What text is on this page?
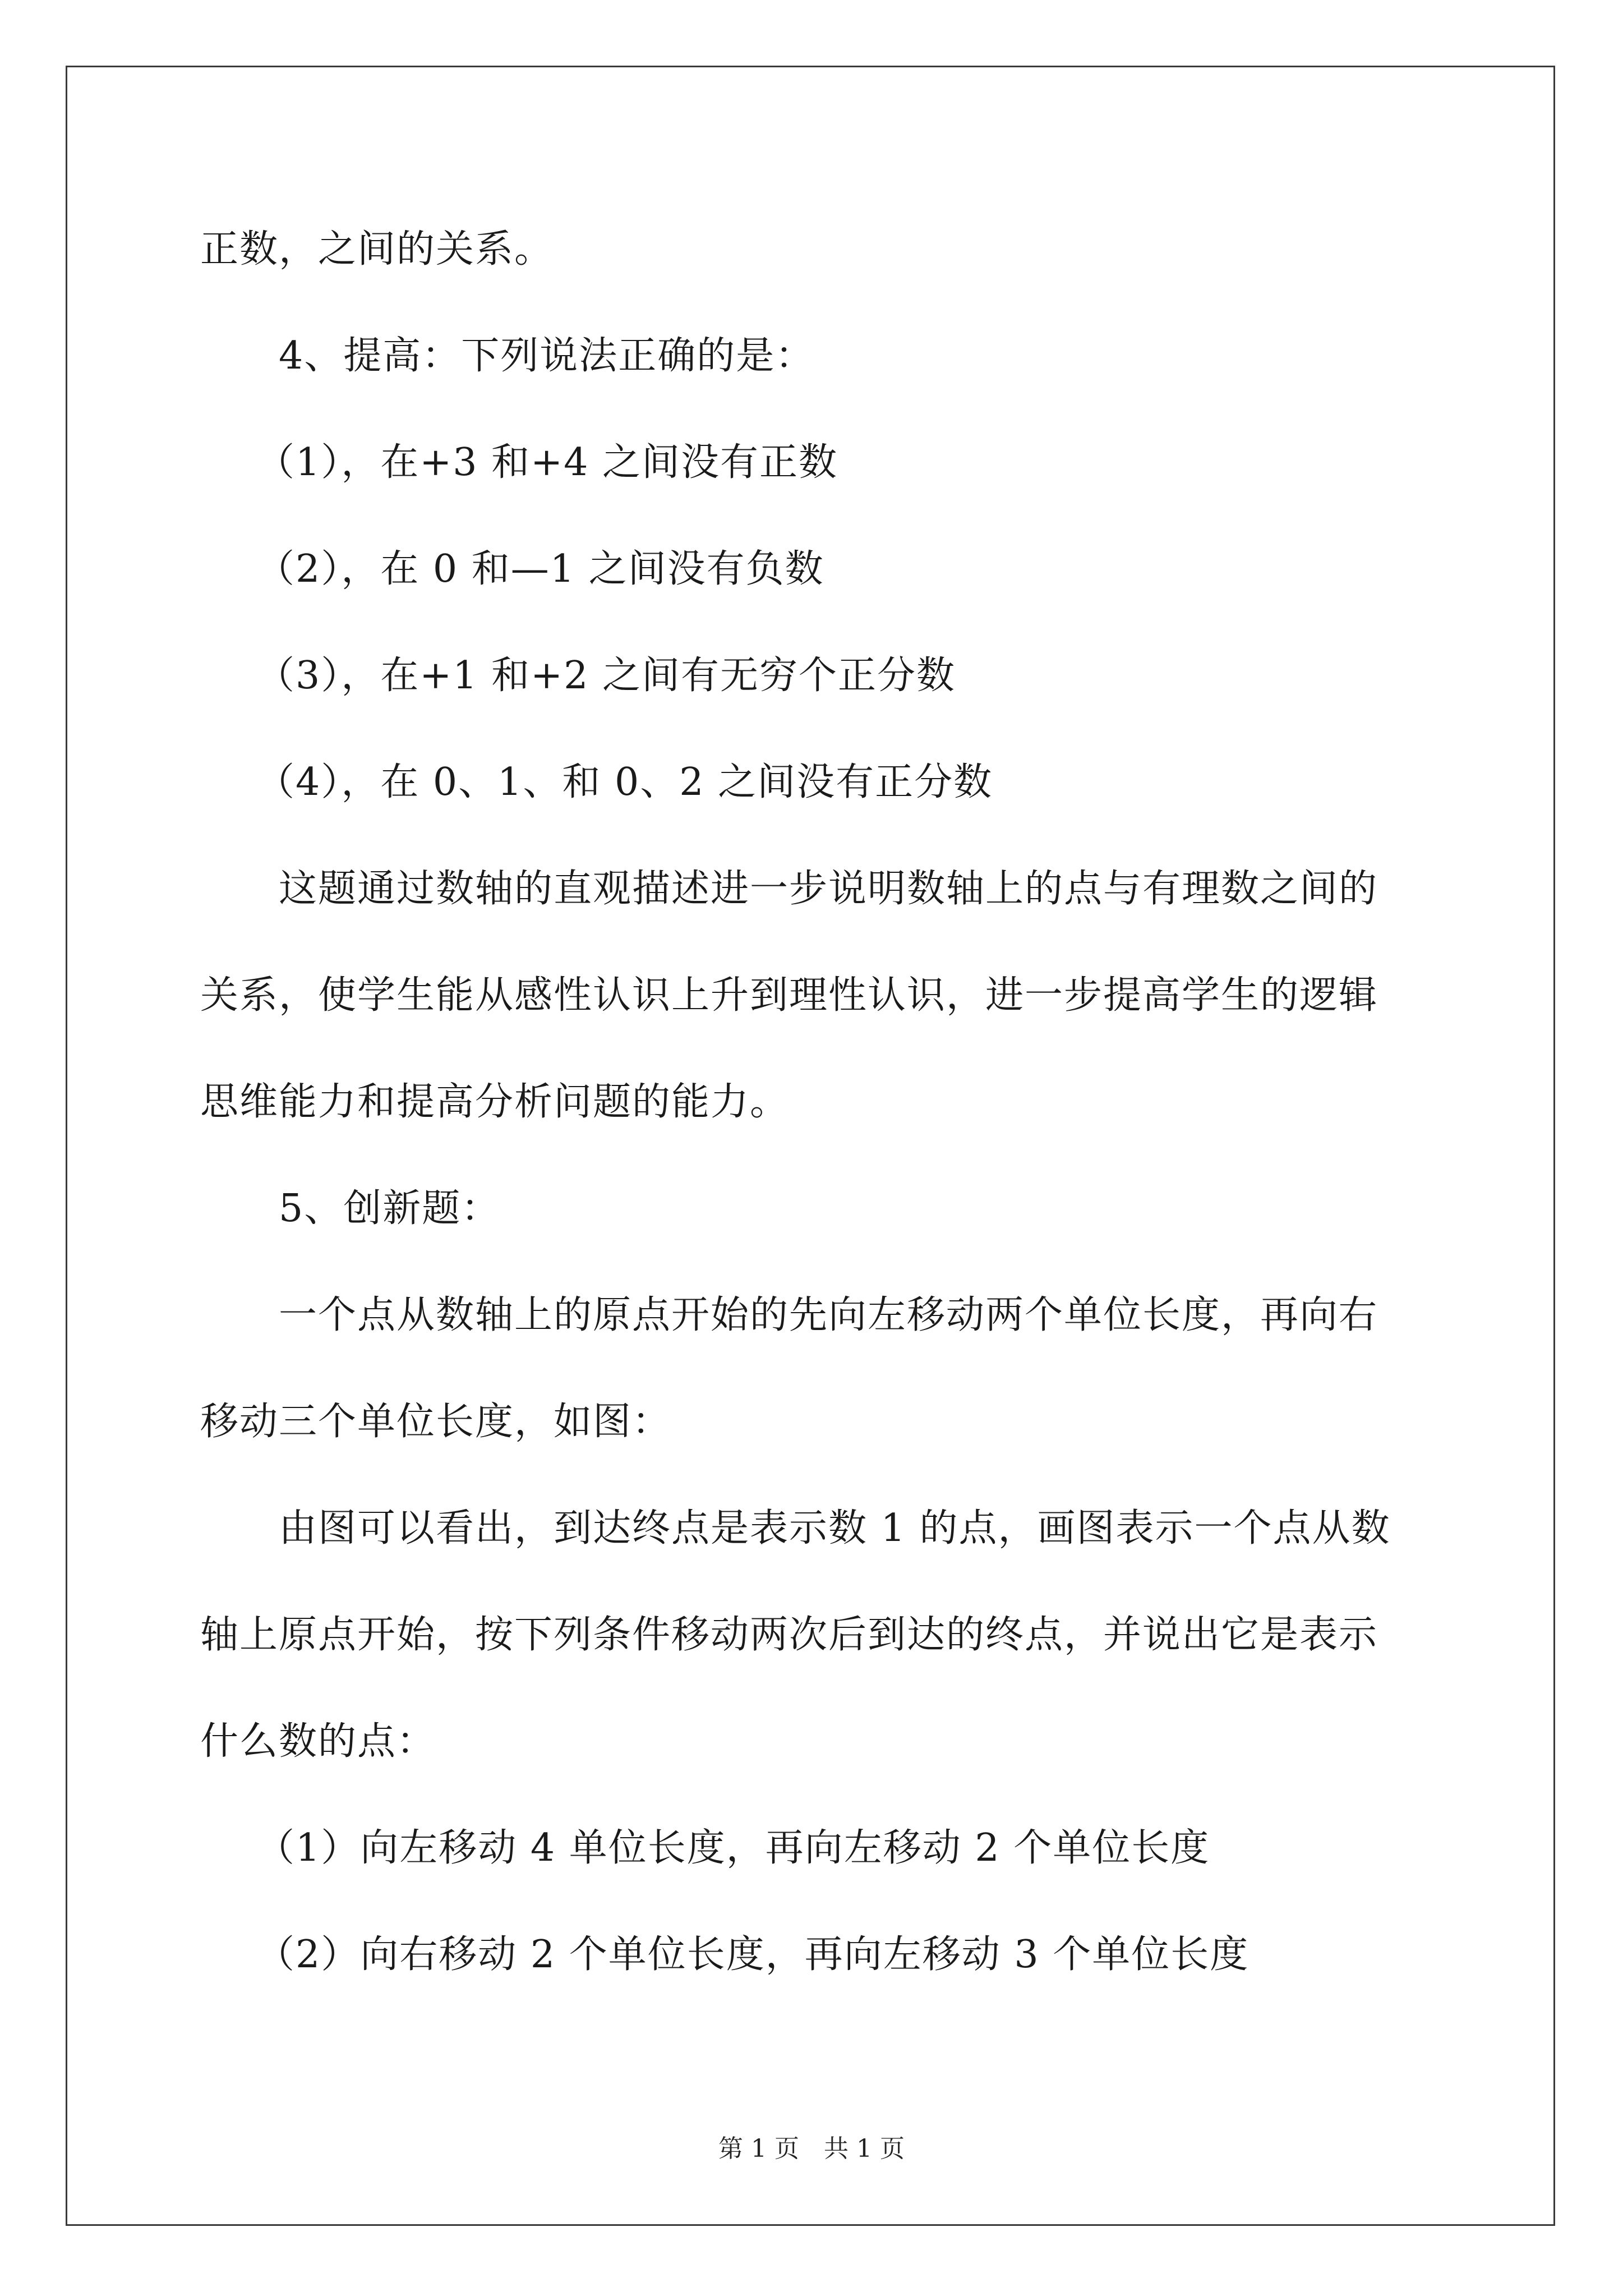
正数，之间的关系。
4、提高：下列说法正确的是：
（1），在+3 和+4 之间没有正数
（2），在 0 和—1 之间没有负数
（3），在+1 和+2 之间有无穷个正分数
（4），在 0、1、和 0、2 之间没有正分数
这题通过数轴的直观描述进一步说明数轴上的点与有理数之间的
关系，使学生能从感性认识上升到理性认识，进一步提高学生的逻辑
思维能力和提高分析问题的能力。
5、创新题：
一个点从数轴上的原点开始的先向左移动两个单位长度，再向右
移动三个单位长度，如图：
由图可以看出，到达终点是表示数 1 的点，画图表示一个点从数
轴上原点开始，按下列条件移动两次后到达的终点，并说出它是表示
什么数的点：
（1）向左移动 4 单位长度，再向左移动 2 个单位长度
（2）向右移动 2 个单位长度，再向左移动 3 个单位长度
第 1 页　共 1 页
